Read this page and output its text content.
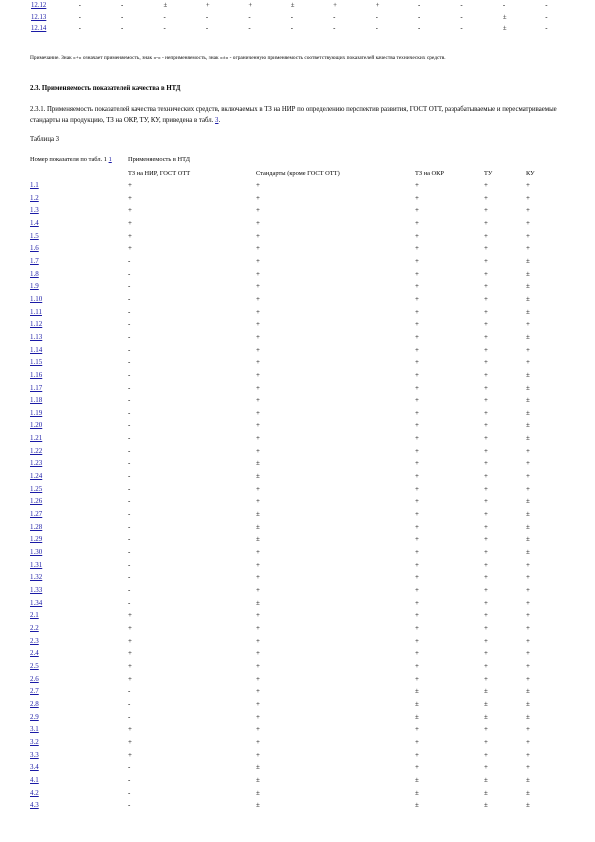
	12.12	-	-	±	+	+	±	+	+	-	-	-	-
	12.13	-	-	-	-	-	-	-	-	-	-	±	-
	12.14	-	-	-	-	-	-	-	-	-	-	±	-
Примечание. Знак «+» означает применяемость, знак «-» - неприменяемость, знак «±» - ограниченную применяемость соответствующих показателей качества технических средств.
2.3. Применяемость показателей качества в НТД
2.3.1. Применяемость показателей качества технических средств, включаемых в ТЗ на НИР по определению перспектив развития, ГОСТ ОТТ, разрабатываемые и пересматриваемые стандарты на продукцию, ТЗ на ОКР, ТУ, КУ, приведена в табл. 3.
Таблица 3
Номер показателя по табл. 1 1	Применяемость в НТД
ТЗ на НИР, ГОСТ ОТТ	Стандарты (кроме ГОСТ ОТТ)	ТЗ на ОКР	ТУ	КУ
	1.1	+	+	+	+	+
	1.2	+	+	+	+	+
	1.3	+	+	+	+	+
	1.4	+	+	+	+	+
	1.5	+	+	+	+	+
	1.6	+	+	+	+	+
	1.7	-	+	+	+	±
	1.8	-	+	+	+	±
	1.9	-	+	+	+	±
	1.10	-	+	+	+	±
	1.11	-	+	+	+	±
	1.12	-	+	+	+	+
	1.13	-	+	+	+	±
	1.14	-	+	+	+	+
	1.15	-	+	+	+	+
	1.16	-	+	+	+	±
	1.17	-	+	+	+	±
	1.18	-	+	+	+	±
	1.19	-	+	+	+	±
	1.20	-	+	+	+	±
	1.21	-	+	+	+	±
	1.22	-	+	+	+	+
	1.23	-	±	+	+	+
	1.24	-	±	+	+	+
	1.25	-	+	+	+	+
	1.26	-	+	+	+	±
	1.27	-	±	+	+	±
	1.28	-	±	+	+	±
	1.29	-	±	+	+	±
	1.30	-	+	+	+	±
	1.31	-	+	+	+	+
	1.32	-	+	+	+	+
	1.33	-	+	+	+	+
	1.34	-	±	+	+	+
	2.1	+	+	+	+	+
	2.2	+	+	+	+	+
	2.3	+	+	+	+	+
	2.4	+	+	+	+	+
	2.5	+	+	+	+	+
	2.6	+	+	+	+	+
	2.7	-	+	±	±	±
	2.8	-	+	±	±	±
	2.9	-	+	±	±	±
	3.1	+	+	+	+	+
	3.2	+	+	+	+	+
	3.3	+	+	+	+	+
	3.4	-	±	+	+	+
	4.1	-	±	±	±	±
	4.2	-	±	±	±	±
	4.3	-	±	±	±	±
